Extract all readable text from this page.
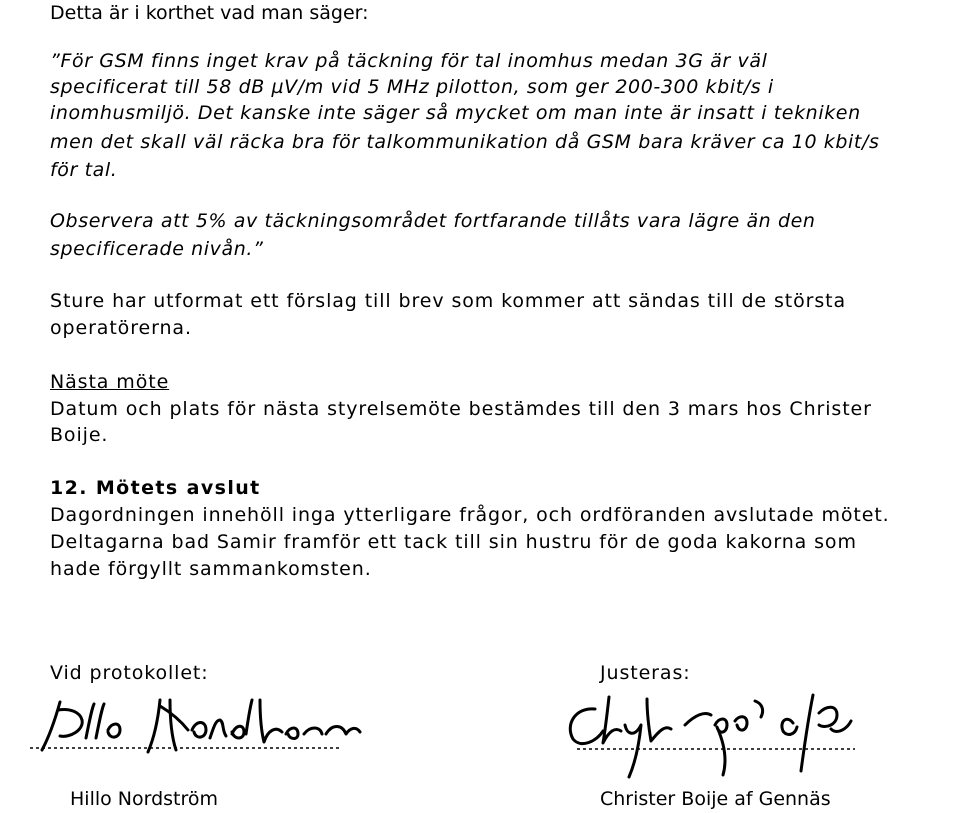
Detta är i korthet vad man säger:
”För GSM finns inget krav på täckning för tal inomhus medan 3G är väl
specificerat till 58 dB µV/m vid 5 MHz pilotton, som ger 200-300 kbit/s i
inomhusmiljö. Det kanske inte säger så mycket om man inte är insatt i tekniken
men det skall väl räcka bra för talkommunikation då GSM bara kräver ca 10 kbit/s
för tal.
Observera att 5% av täckningsområdet fortfarande tillåts vara lägre än den
specificerade nivån.”
Sture har utformat ett förslag till brev som kommer att sändas till de största
operatörerna.
Nästa möte
Datum och plats för nästa styrelsemöte bestämdes till den 3 mars hos Christer
Boije.
12. Mötets avslut
Dagordningen innehöll inga ytterligare frågor, och ordföranden avslutade mötet.
Deltagarna bad Samir framför ett tack till sin hustru för de goda kakorna som
hade förgyllt sammankomsten.
Vid protokollet:
Hillo Nordström
Justeras:
Christer Boije af Gennäs
